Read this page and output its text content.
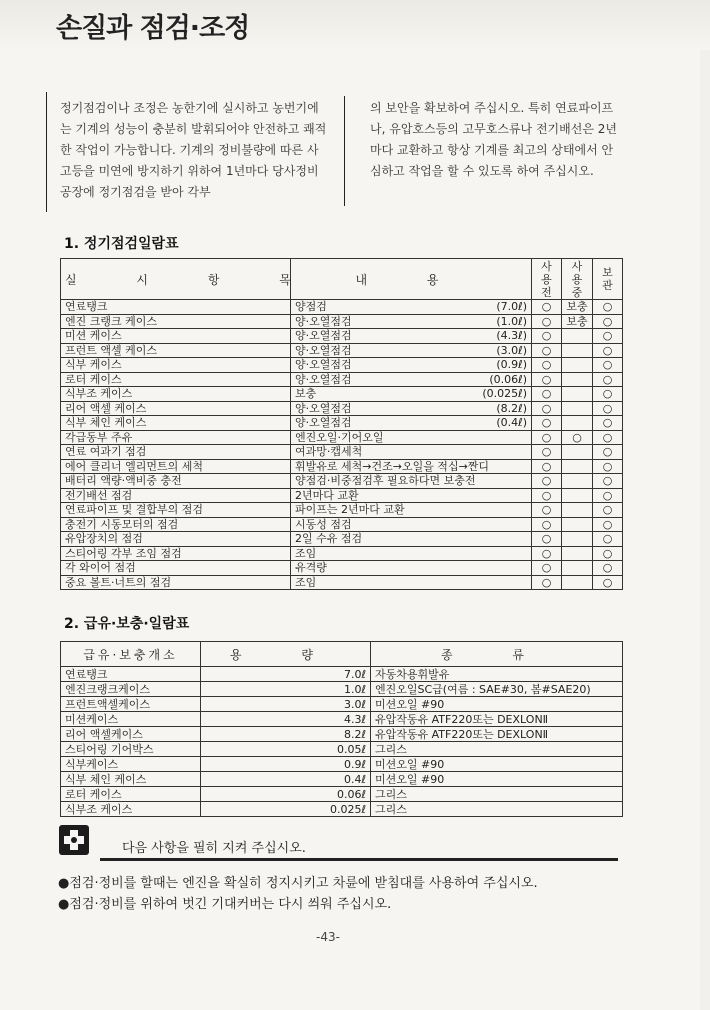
손질과 점검·조정
정기점검이나 조정은 농한기에 실시하고 농번기에는 기계의 성능이 충분히 발휘되어야 안전하고 쾌적한 작업이 가능합니다. 기계의 정비불량에 따른 사고등을 미연에 방지하기 위하여 1년마다 당사정비공장에 정기점검을 받아 각부
의 보안을 확보하여 주십시오. 특히 연료파이프나, 유압호스등의 고무호스류나 전기배선은 2년마다 교환하고 항상 기계를 최고의 상태에서 안심하고 작업을 할 수 있도록 하여 주십시오.
1. 정기점검일람표
실 시 항 목	내 용	사용전	사용중	보관
연료탱크	양점검 (7.0ℓ)	○	보충	○
엔진 크랭크 케이스	양·오열점검 (1.0ℓ)	○	보충	○
미션 케이스	양·오열점검 (4.3ℓ)	○		○
프런트 액셀 케이스	양·오열점검 (3.0ℓ)	○		○
식부 케이스	양·오열점검 (0.9ℓ)	○		○
로터 케이스	양·오열점검 (0.06ℓ)	○		○
식부조 케이스	보충 (0.025ℓ)	○		○
리어 액셀 케이스	양·오열점검 (8.2ℓ)	○		○
식부 체인 케이스	양·오열점검 (0.4ℓ)	○		○
각급동부 주유	엔진오일·기어오일	○	○	○
연료 여과기 점검	여과망·캡세척	○		○
에어 클리너 엘리먼트의 세척	휘발유로 세척→건조→오일을 적십→짠디	○		○
배터리 액량·액비중 충전	양점검·비중점검후 필요하다면 보충전	○		○
전기배선 점검	2년마다 교환	○		○
연료파이프 및 결합부의 점검	파이프는 2년마다 교환	○		○
충전기 시동모터의 점검	시동성 점검	○		○
유압장치의 점검	2일 수유 점검	○		○
스티어링 각부 조임 점검	조임	○		○
각 와이어 점검	유격량	○		○
중요 볼트·너트의 점검	조임	○		○
2. 급유·보충·일람표
급유·보충개소	용 량	종 류
연료탱크	7.0ℓ	자동차용휘발유
엔진크랭크케이스	1.0ℓ	엔진오일SC급(여름 : SAE#30, 봄#SAE20)
프런트액셀케이스	3.0ℓ	미션오일 #90
미션케이스	4.3ℓ	유압작동유 ATF220또는 DEXLONⅡ
리어 액셀케이스	8.2ℓ	유압작동유 ATF220또는 DEXLONⅡ
스티어링 기어박스	0.05ℓ	그리스
식부케이스	0.9ℓ	미션오일 #90
식부 체인 케이스	0.4ℓ	미션오일 #90
로터 케이스	0.06ℓ	그리스
식부조 케이스	0.025ℓ	그리스
다음 사항을 필히 지켜 주십시오.
●점검·정비를 할때는 엔진을 확실히 정지시키고 차륜에 받침대를 사용하여 주십시오.
●점검·정비를 위하여 벗긴 기대커버는 다시 씌워 주십시오.
-43-
